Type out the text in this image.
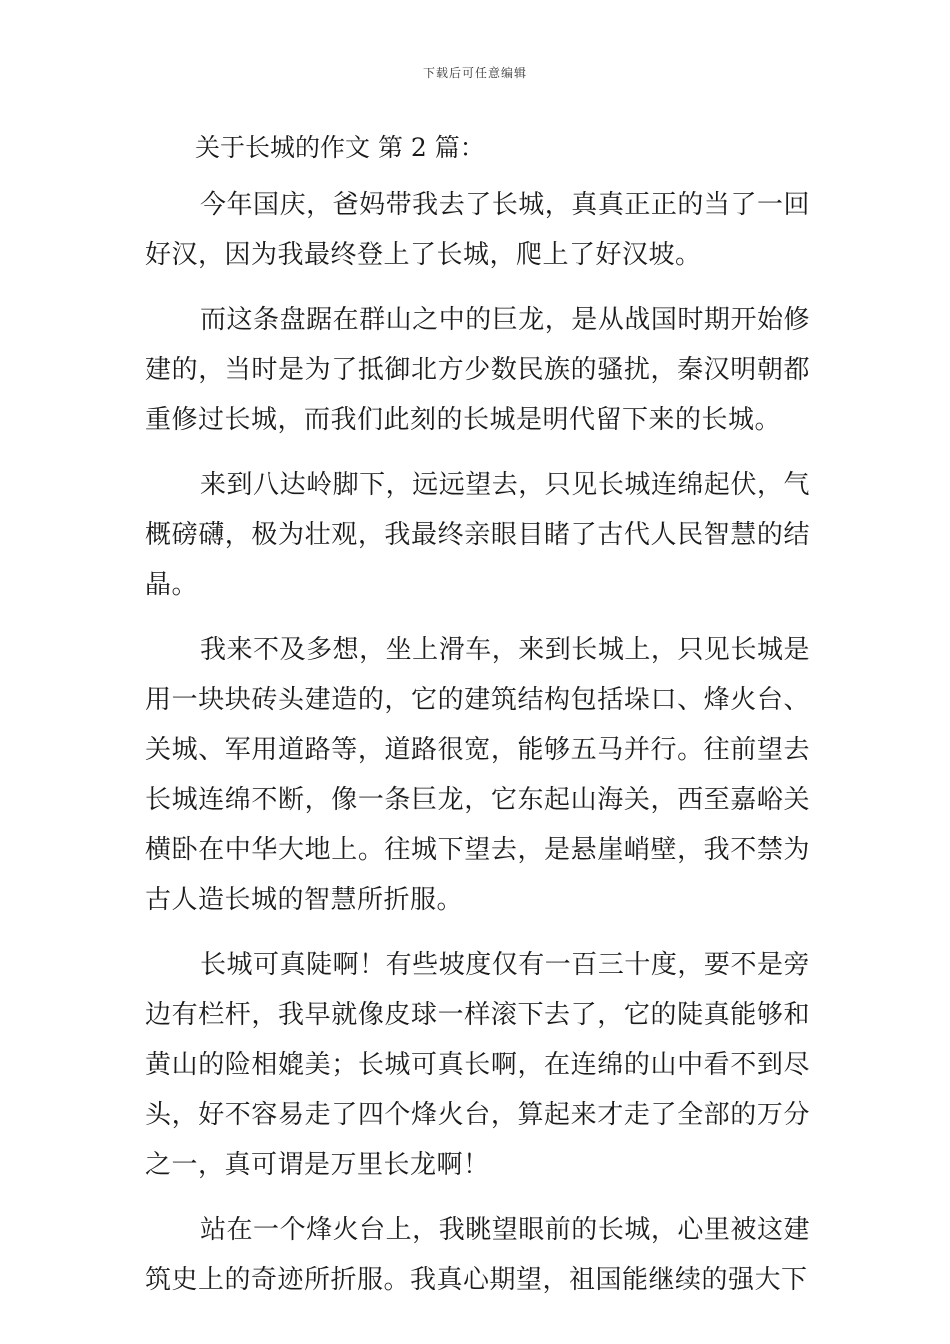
下载后可任意编辑
关于长城的作文 第 2 篇：

今年国庆，爸妈带我去了长城，真真正正的当了一回好汉，因为我最终登上了长城，爬上了好汉坡。

而这条盘踞在群山之中的巨龙，是从战国时期开始修建的，当时是为了抵御北方少数民族的骚扰，秦汉明朝都重修过长城，而我们此刻的长城是明代留下来的长城。

来到八达岭脚下，远远望去，只见长城连绵起伏，气概磅礴，极为壮观，我最终亲眼目睹了古代人民智慧的结晶。

我来不及多想，坐上滑车，来到长城上，只见长城是用一块块砖头建造的，它的建筑结构包括垛口、烽火台、关城、军用道路等，道路很宽，能够五马并行。往前望去长城连绵不断，像一条巨龙，它东起山海关，西至嘉峪关横卧在中华大地上。往城下望去，是悬崖峭壁，我不禁为古人造长城的智慧所折服。

长城可真陡啊！有些坡度仅有一百三十度，要不是旁边有栏杆，我早就像皮球一样滚下去了，它的陡真能够和黄山的险相媲美；长城可真长啊，在连绵的山中看不到尽头，好不容易走了四个烽火台，算起来才走了全部的万分之一，真可谓是万里长龙啊！

站在一个烽火台上，我眺望眼前的长城，心里被这建筑史上的奇迹所折服。我真心期望，祖国能继续的强大下
